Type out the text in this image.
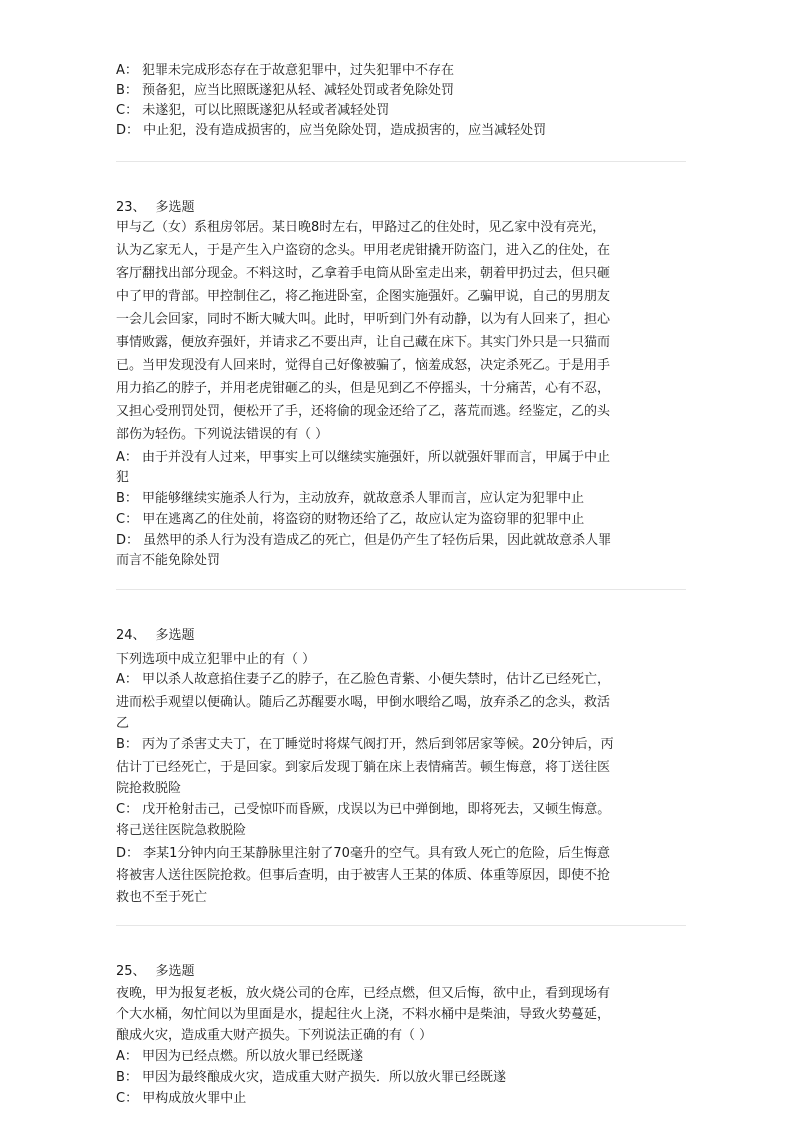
A： 犯罪未完成形态存在于故意犯罪中，过失犯罪中不存在
B： 预备犯，应当比照既遂犯从轻、减轻处罚或者免除处罚
C： 未遂犯，可以比照既遂犯从轻或者减轻处罚
D： 中止犯，没有造成损害的，应当免除处罚，造成损害的，应当减轻处罚
23、 多选题
甲与乙（女）系租房邻居。某日晚8时左右，甲路过乙的住处时，见乙家中没有亮光，
认为乙家无人，于是产生入户盗窃的念头。甲用老虎钳撬开防盗门，进入乙的住处，在
客厅翻找出部分现金。不料这时，乙拿着手电筒从卧室走出来，朝着甲扔过去，但只砸
中了甲的背部。甲控制住乙，将乙拖进卧室，企图实施强奸。乙骗甲说，自己的男朋友
一会儿会回家，同时不断大喊大叫。此时，甲听到门外有动静，以为有人回来了，担心
事情败露，便放弃强奸，并请求乙不要出声，让自己藏在床下。其实门外只是一只猫而
已。当甲发现没有人回来时，觉得自己好像被骗了，恼羞成怒，决定杀死乙。于是用手
用力掐乙的脖子，并用老虎钳砸乙的头，但是见到乙不停摇头，十分痛苦，心有不忍，
又担心受刑罚处罚，便松开了手，还将偷的现金还给了乙，落荒而逃。经鉴定，乙的头
部伤为轻伤。下列说法错误的有（ ）
A： 由于并没有人过来，甲事实上可以继续实施强奸，所以就强奸罪而言，甲属于中止
犯
B： 甲能够继续实施杀人行为，主动放弃，就故意杀人罪而言，应认定为犯罪中止
C： 甲在逃离乙的住处前，将盗窃的财物还给了乙，故应认定为盗窃罪的犯罪中止
D： 虽然甲的杀人行为没有造成乙的死亡，但是仍产生了轻伤后果，因此就故意杀人罪
而言不能免除处罚
24、 多选题
下列选项中成立犯罪中止的有（ ）
A： 甲以杀人故意掐住妻子乙的脖子，在乙脸色青紫、小便失禁时，估计乙已经死亡，
进而松手观望以便确认。随后乙苏醒要水喝，甲倒水喂给乙喝，放弃杀乙的念头，救活
乙
B： 丙为了杀害丈夫丁，在丁睡觉时将煤气阀打开，然后到邻居家等候。20分钟后，丙
估计丁已经死亡，于是回家。到家后发现丁躺在床上表情痛苦。顿生悔意，将丁送往医
院抢救脱险
C： 戊开枪射击己，己受惊吓而昏厥，戊误以为已中弹倒地，即将死去，又顿生悔意。
将己送往医院急救脱险
D： 李某1分钟内向王某静脉里注射了70毫升的空气。具有致人死亡的危险，后生悔意
将被害人送往医院抢救。但事后查明，由于被害人王某的体质、体重等原因，即使不抢
救也不至于死亡
25、 多选题
夜晚，甲为报复老板，放火烧公司的仓库，已经点燃，但又后悔，欲中止，看到现场有
个大水桶，匆忙间以为里面是水，提起往火上浇，不料水桶中是柴油，导致火势蔓延，
酿成火灾，造成重大财产损失。下列说法正确的有（ ）
A： 甲因为已经点燃。所以放火罪已经既遂
B： 甲因为最终酿成火灾，造成重大财产损失．所以放火罪已经既遂
C： 甲构成放火罪中止
